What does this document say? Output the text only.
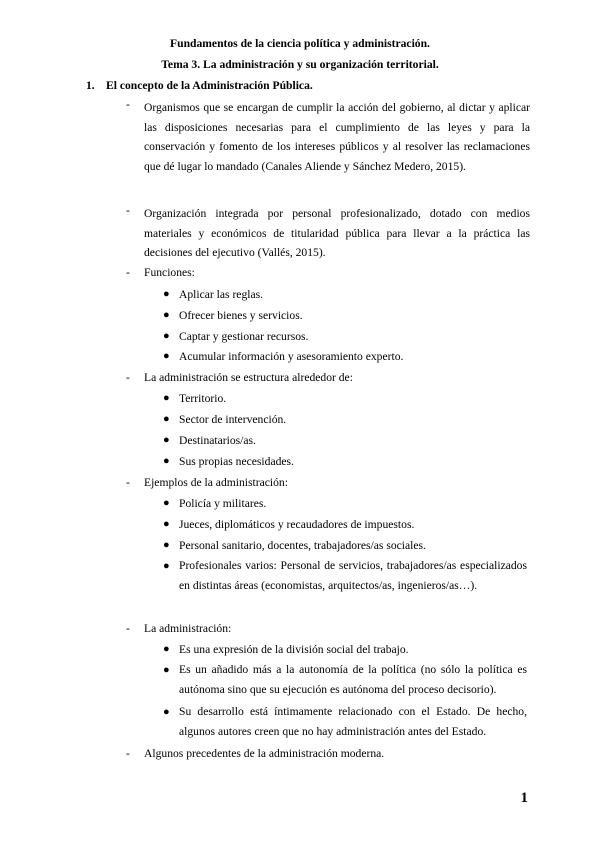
Fundamentos de la ciencia política y administración.
Tema 3. La administración y su organización territorial.
1. El concepto de la Administración Pública.
-	Organismos que se encargan de cumplir la acción del gobierno, al dictar y aplicar las disposiciones necesarias para el cumplimiento de las leyes y para la conservación y fomento de los intereses públicos y al resolver las reclamaciones que dé lugar lo mandado (Canales Aliende y Sánchez Medero, 2015).
-	Organización integrada por personal profesionalizado, dotado con medios materiales y económicos de titularidad pública para llevar a la práctica las decisiones del ejecutivo (Vallés, 2015).
-	Funciones:
● Aplicar las reglas.
● Ofrecer bienes y servicios.
● Captar y gestionar recursos.
● Acumular información y asesoramiento experto.
-	La administración se estructura alrededor de:
● Territorio.
● Sector de intervención.
● Destinatarios/as.
● Sus propias necesidades.
-	Ejemplos de la administración:
● Policía y militares.
● Jueces, diplomáticos y recaudadores de impuestos.
● Personal sanitario, docentes, trabajadores/as sociales.
● Profesionales varios: Personal de servicios, trabajadores/as especializados en distintas áreas (economistas, arquitectos/as, ingenieros/as…).
-	La administración:
● Es una expresión de la división social del trabajo.
● Es un añadido más a la autonomía de la política (no sólo la política es autónoma sino que su ejecución es autónoma del proceso decisorio).
● Su desarrollo está íntimamente relacionado con el Estado. De hecho, algunos autores creen que no hay administración antes del Estado.
-	Algunos precedentes de la administración moderna.
1
